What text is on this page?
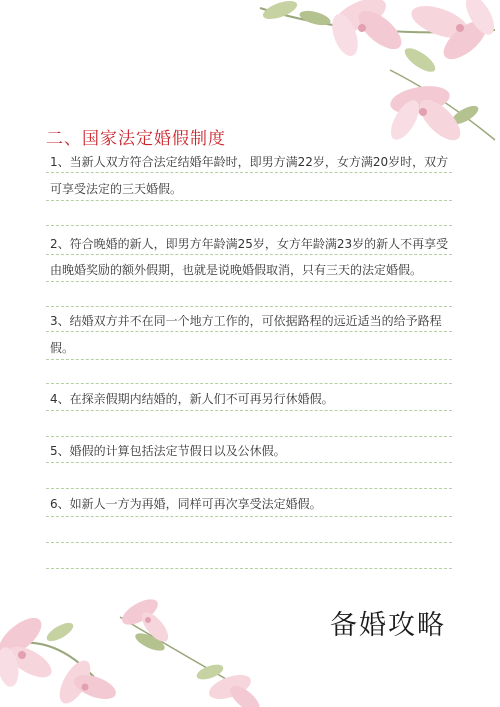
二、国家法定婚假制度
1、当新人双方符合法定结婚年龄时，即男方满22岁，女方满20岁时，双方
可享受法定的三天婚假。
2、符合晚婚的新人，即男方年龄满25岁，女方年龄满23岁的新人不再享受
由晚婚奖励的额外假期，也就是说晚婚假取消，只有三天的法定婚假。
3、结婚双方并不在同一个地方工作的，可依据路程的远近适当的给予路程
假。
4、在探亲假期内结婚的，新人们不可再另行休婚假。
5、婚假的计算包括法定节假日以及公休假。
6、如新人一方为再婚，同样可再次享受法定婚假。
备婚攻略
